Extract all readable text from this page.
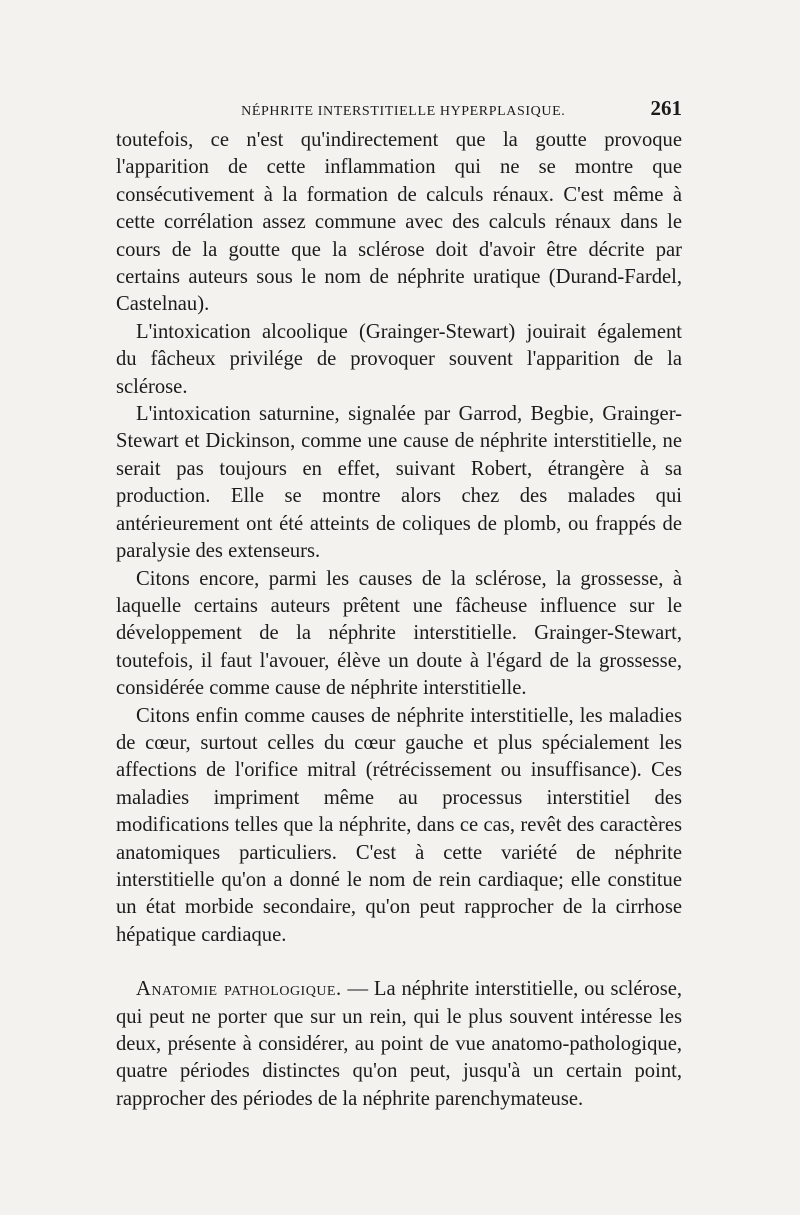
NÉPHRITE INTERSTITIELLE HYPERPLASIQUE.	261

toutefois, ce n'est qu'indirectement que la goutte provoque l'apparition de cette inflammation qui ne se montre que consécutivement à la formation de calculs rénaux. C'est même à cette corrélation assez commune avec des calculs rénaux dans le cours de la goutte que la sclérose doit d'avoir être décrite par certains auteurs sous le nom de néphrite uratique (Durand-Fardel, Castelnau).

L'intoxication alcoolique (Grainger-Stewart) jouirait également du fâcheux privilége de provoquer souvent l'apparition de la sclérose.

L'intoxication saturnine, signalée par Garrod, Begbie, Grainger-Stewart et Dickinson, comme une cause de néphrite interstitielle, ne serait pas toujours en effet, suivant Robert, étrangère à sa production. Elle se montre alors chez des malades qui antérieurement ont été atteints de coliques de plomb, ou frappés de paralysie des extenseurs.

Citons encore, parmi les causes de la sclérose, la grossesse, à laquelle certains auteurs prêtent une fâcheuse influence sur le développement de la néphrite interstitielle. Grainger-Stewart, toutefois, il faut l'avouer, élève un doute à l'égard de la grossesse, considérée comme cause de néphrite interstitielle.

Citons enfin comme causes de néphrite interstitielle, les maladies de cœur, surtout celles du cœur gauche et plus spécialement les affections de l'orifice mitral (rétrécissement ou insuffisance). Ces maladies impriment même au processus interstitiel des modifications telles que la néphrite, dans ce cas, revêt des caractères anatomiques particuliers. C'est à cette variété de néphrite interstitielle qu'on a donné le nom de rein cardiaque; elle constitue un état morbide secondaire, qu'on peut rapprocher de la cirrhose hépatique cardiaque.

Anatomie pathologique. — La néphrite interstitielle, ou sclérose, qui peut ne porter que sur un rein, qui le plus souvent intéresse les deux, présente à considérer, au point de vue anatomo-pathologique, quatre périodes distinctes qu'on peut, jusqu'à un certain point, rapprocher des périodes de la néphrite parenchymateuse.
